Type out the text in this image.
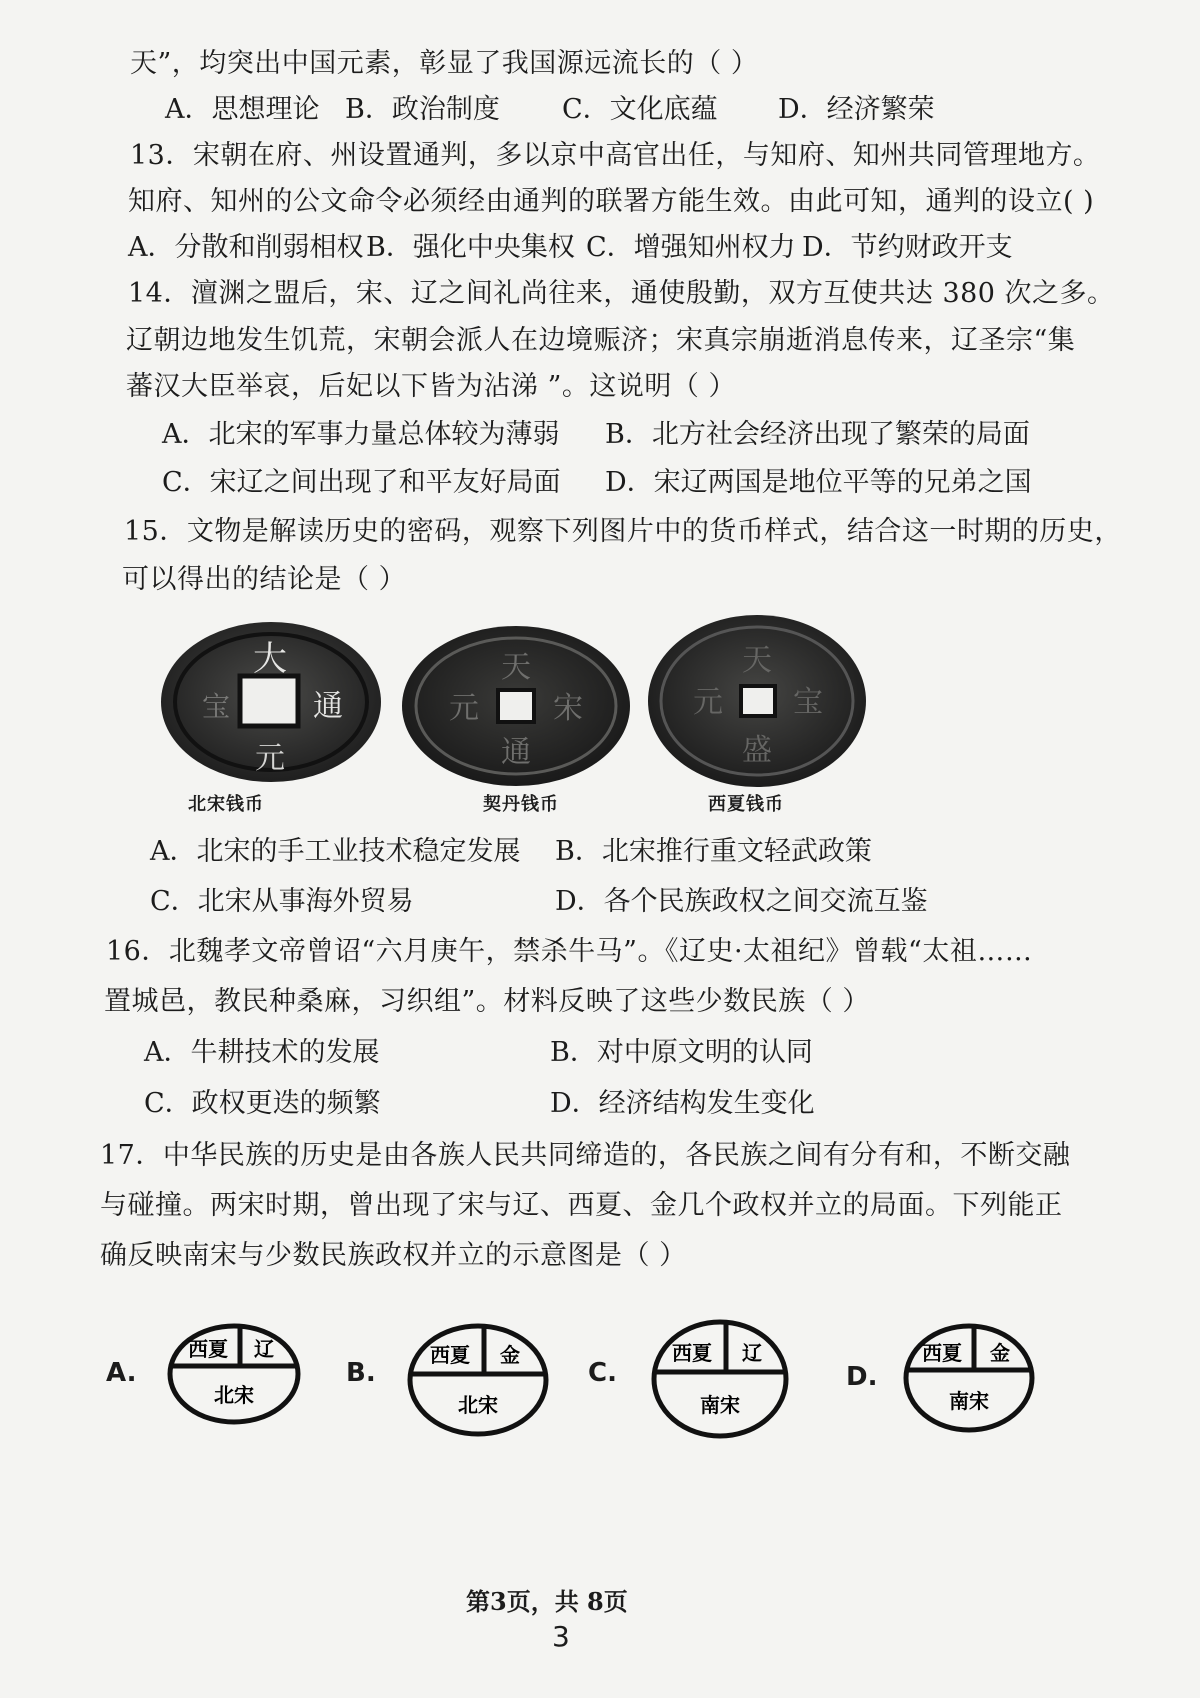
天”，均突出中国元素，彰显了我国源远流长的（ ）
A．思想理论 B．政治制度 C．文化底蕴 D．经济繁荣
13．宋朝在府、州设置通判，多以京中高官出任，与知府、知州共同管理地方。
知府、知州的公文命令必须经由通判的联署方能生效。由此可知，通判的设立( )
A．分散和削弱相权 B．强化中央集权 C．增强知州权力 D．节约财政开支
14．澶渊之盟后，宋、辽之间礼尚往来，通使殷勤，双方互使共达 380 次之多。
辽朝边地发生饥荒，宋朝会派人在边境赈济；宋真宗崩逝消息传来，辽圣宗“集
蕃汉大臣举哀，后妃以下皆为沾涕 ”。这说明（ ）
A．北宋的军事力量总体较为薄弱 B．北方社会经济出现了繁荣的局面
C．宋辽之间出现了和平友好局面 D．宋辽两国是地位平等的兄弟之国
15．文物是解读历史的密码，观察下列图片中的货币样式，结合这一时期的历史，
可以得出的结论是（ ）
大
通
元
宝
北宋钱币
天
宋
通
元
契丹钱币
天
宝
盛
元
西夏钱币
A．北宋的手工业技术稳定发展 B．北宋推行重文轻武政策
C．北宋从事海外贸易	D．各个民族政权之间交流互鉴
16．北魏孝文帝曾诏“六月庚午，禁杀牛马”。《辽史·太祖纪》曾载“太祖……
置城邑，教民种桑麻，习织组”。材料反映了这些少数民族（ ）
A．牛耕技术的发展	B．对中原文明的认同
C．政权更迭的频繁	D．经济结构发生变化
17．中华民族的历史是由各族人民共同缔造的，各民族之间有分有和，不断交融
与碰撞。两宋时期，曾出现了宋与辽、西夏、金几个政权并立的局面。下列能正
确反映南宋与少数民族政权并立的示意图是（ ）
A.
西夏 辽
北宋
B.
西夏 金
北宋
C.
西夏 辽
南宋
D.
西夏 金
南宋
第3页，共 8页
3
